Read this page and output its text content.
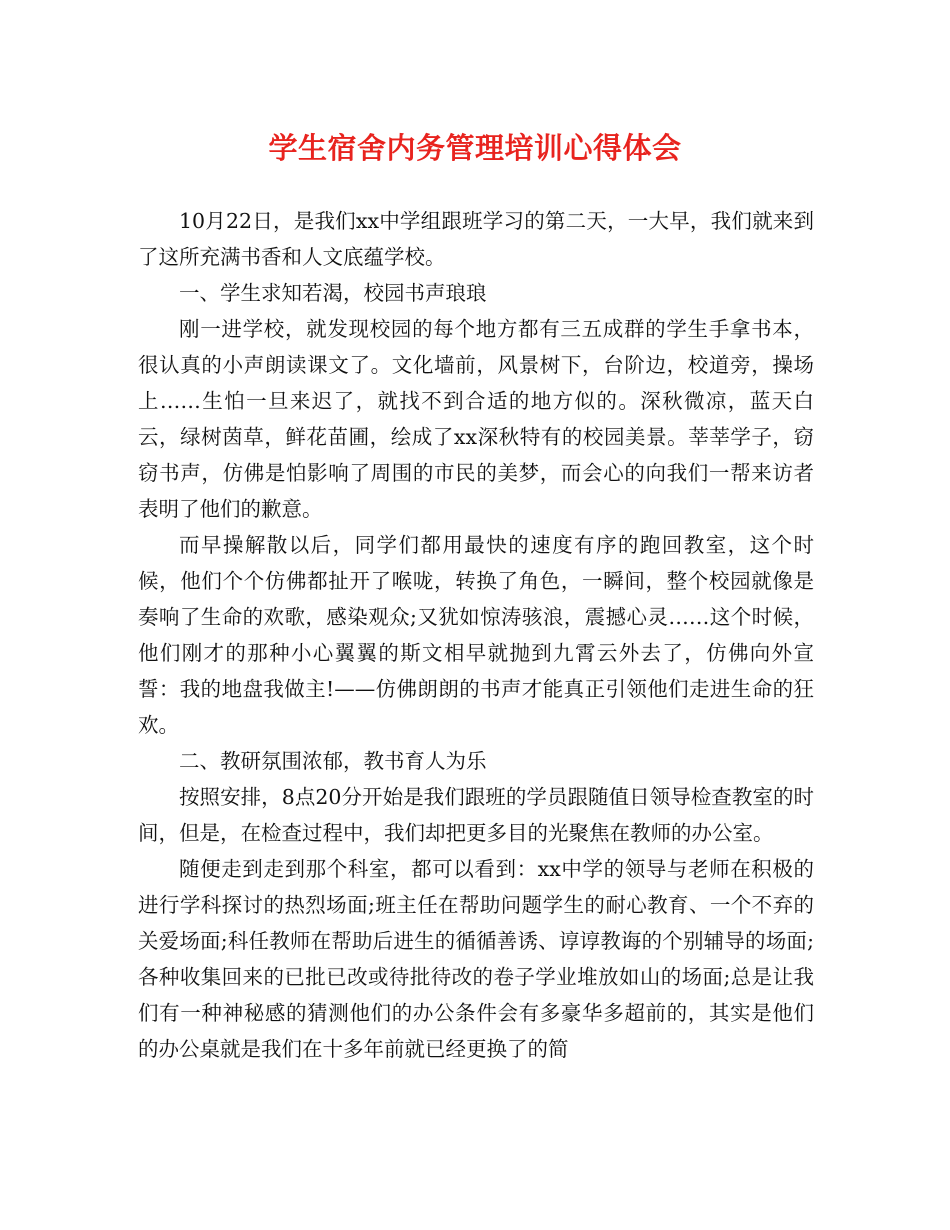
学生宿舍内务管理培训心得体会

10月22日，是我们xx中学组跟班学习的第二天，一大早，我们就来到了这所充满书香和人文底蕴学校。

一、学生求知若渴，校园书声琅琅

刚一进学校，就发现校园的每个地方都有三五成群的学生手拿书本，很认真的小声朗读课文了。文化墙前，风景树下，台阶边，校道旁，操场上……生怕一旦来迟了，就找不到合适的地方似的。深秋微凉，蓝天白云，绿树茵草，鲜花苗圃，绘成了xx深秋特有的校园美景。莘莘学子，窃窃书声，仿佛是怕影响了周围的市民的美梦，而会心的向我们一帮来访者表明了他们的歉意。

而早操解散以后，同学们都用最快的速度有序的跑回教室，这个时候，他们个个仿佛都扯开了喉咙，转换了角色，一瞬间，整个校园就像是奏响了生命的欢歌，感染观众;又犹如惊涛骇浪，震撼心灵……这个时候，他们刚才的那种小心翼翼的斯文相早就抛到九霄云外去了，仿佛向外宣誓：我的地盘我做主!——仿佛朗朗的书声才能真正引领他们走进生命的狂欢。

二、教研氛围浓郁，教书育人为乐

按照安排，8点20分开始是我们跟班的学员跟随值日领导检查教室的时间，但是，在检查过程中，我们却把更多目的光聚焦在教师的办公室。

随便走到走到那个科室，都可以看到：xx中学的领导与老师在积极的进行学科探讨的热烈场面;班主任在帮助问题学生的耐心教育、一个不弃的关爱场面;科任教师在帮助后进生的循循善诱、谆谆教诲的个别辅导的场面;各种收集回来的已批已改或待批待改的卷子学业堆放如山的场面;总是让我们有一种神秘感的猜测他们的办公条件会有多豪华多超前的，其实是他们的办公桌就是我们在十多年前就已经更换了的简
